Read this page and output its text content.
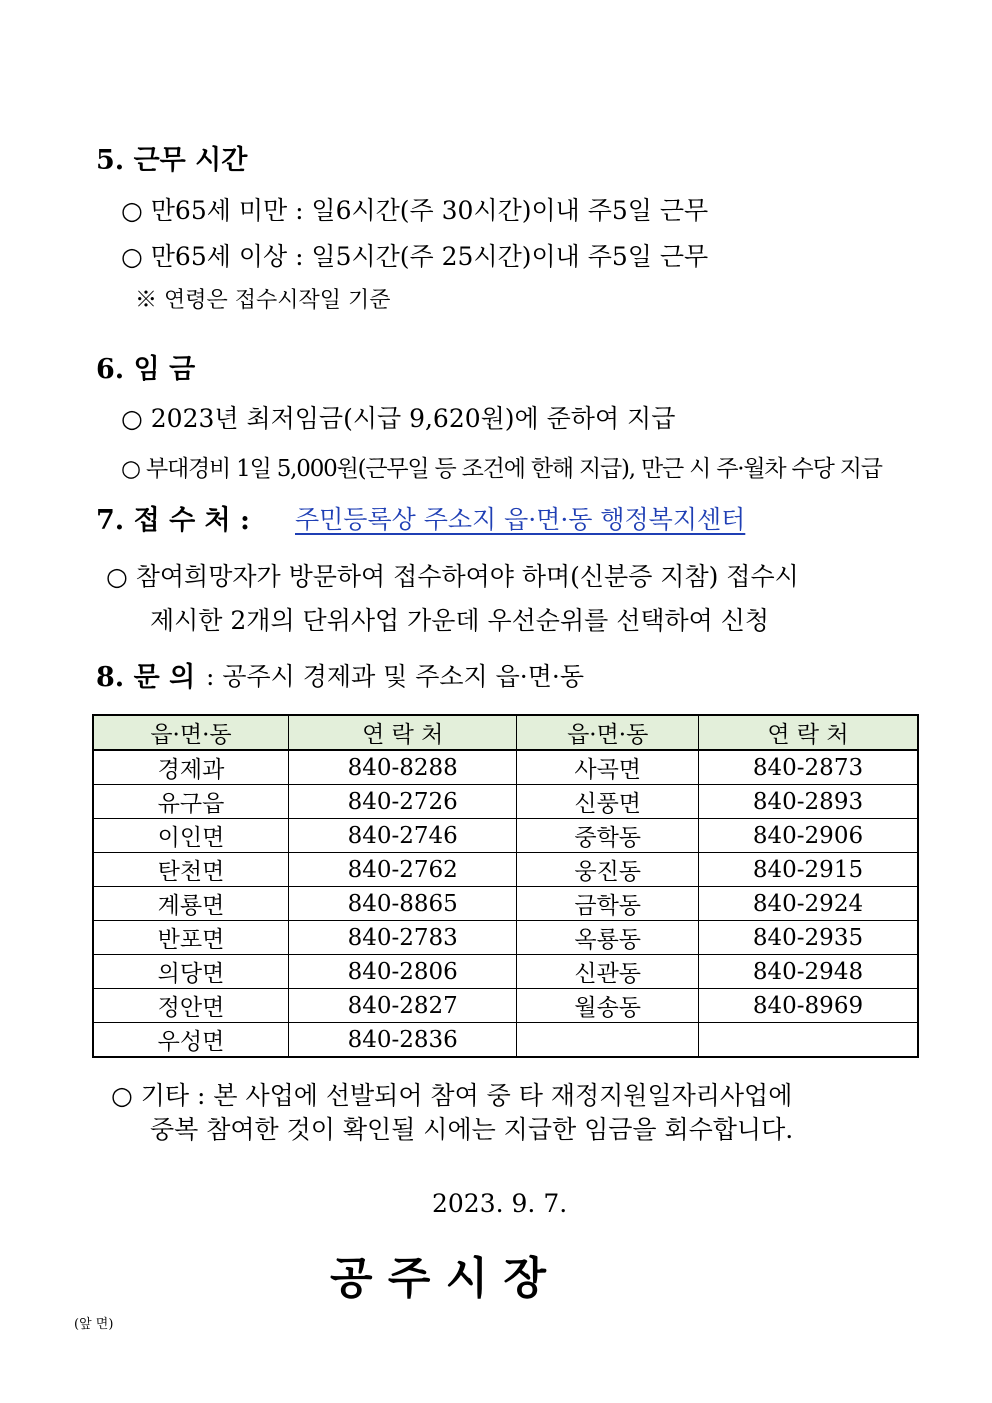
5. 근무 시간
○ 만65세 미만 : 일6시간(주 30시간)이내 주5일 근무
○ 만65세 이상 : 일5시간(주 25시간)이내 주5일 근무
※ 연령은 접수시작일 기준
6. 임 금
○ 2023년 최저임금(시급 9,620원)에 준하여 지급
○ 부대경비 1일 5,000원(근무일 등 조건에 한해 지급), 만근 시 주·월차 수당 지급
7. 접 수 처 : 주민등록상 주소지 읍·면·동 행정복지센터
○ 참여희망자가 방문하여 접수하여야 하며(신분증 지참) 접수시
제시한 2개의 단위사업 가운데 우선순위를 선택하여 신청
8. 문 의 : 공주시 경제과 및 주소지 읍·면·동
읍·면·동	연 락 처	읍·면·동	연 락 처
경제과	840-8288	사곡면	840-2873
유구읍	840-2726	신풍면	840-2893
이인면	840-2746	중학동	840-2906
탄천면	840-2762	웅진동	840-2915
계룡면	840-8865	금학동	840-2924
반포면	840-2783	옥룡동	840-2935
의당면	840-2806	신관동	840-2948
정안면	840-2827	월송동	840-8969
우성면	840-2836		
○ 기타 : 본 사업에 선발되어 참여 중 타 재정지원일자리사업에
중복 참여한 것이 확인될 시에는 지급한 임금을 회수합니다.
2023. 9. 7.
공 주 시 장
(앞 면)
